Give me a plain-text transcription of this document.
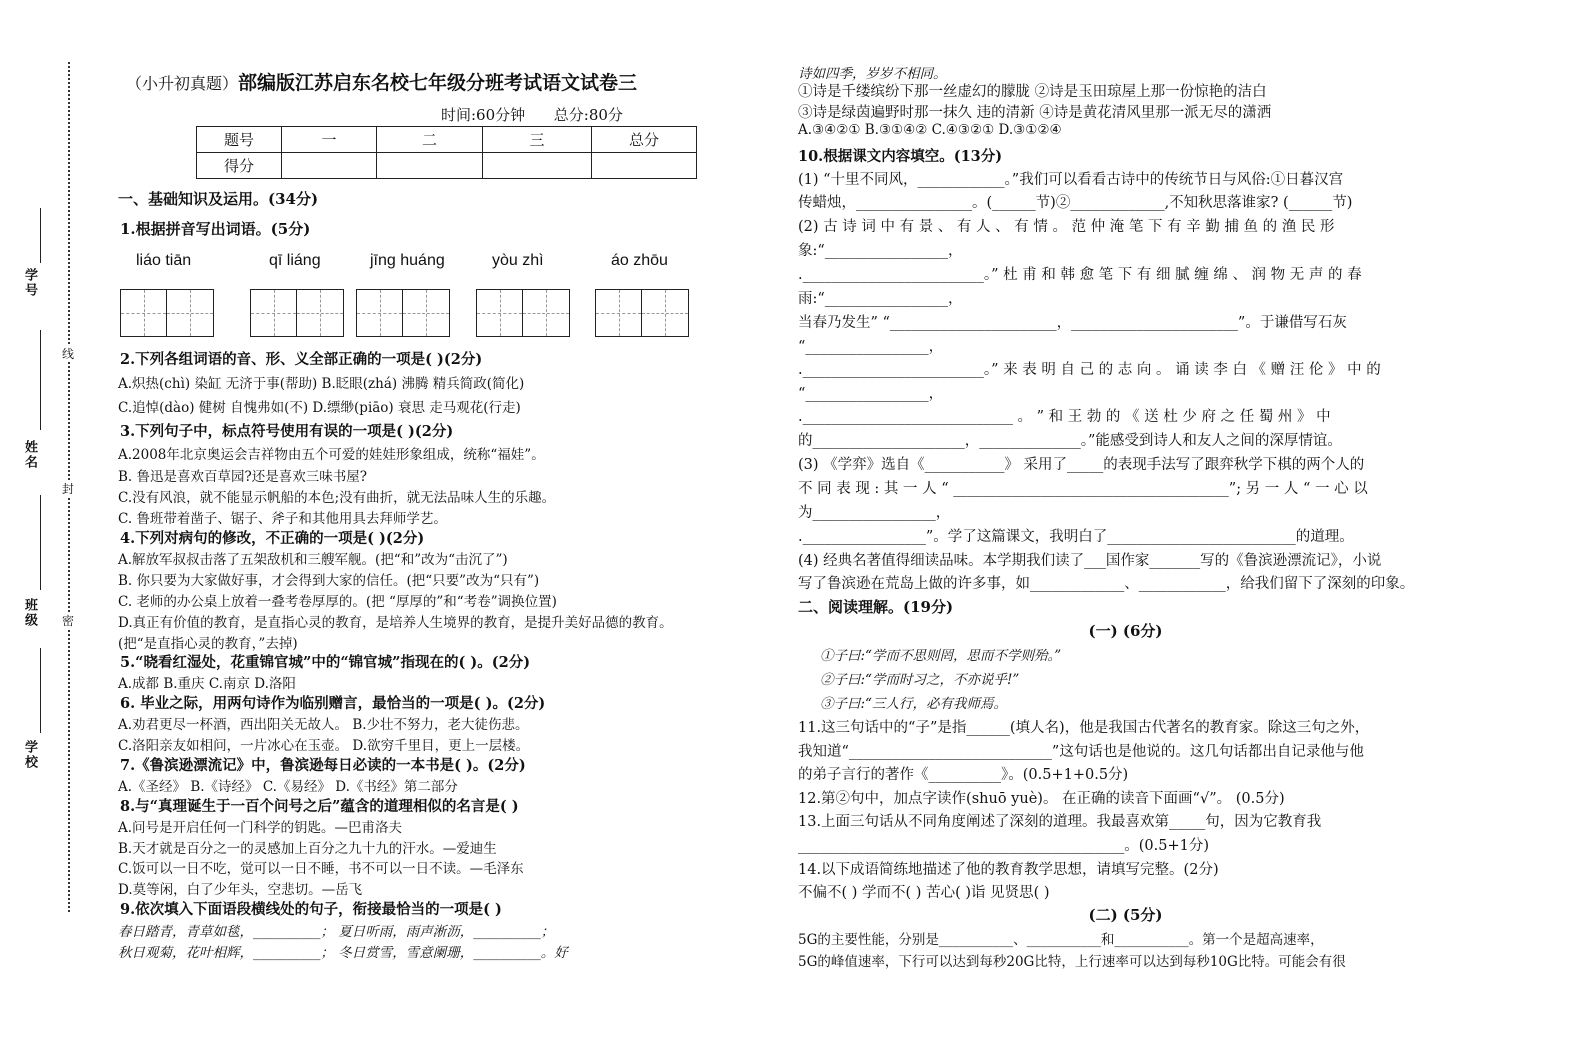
学号
姓名
班级
学校
线
封
密
（小升初真题）部编版江苏启东名校七年级分班考试语文试卷三
时间:60分钟 总分:80分
题号	一	二	三	总分
得分				
一、基础知识及运用。(34分)
1.根据拼音写出词语。(5分)
liáo tiān	qī liáng	jīng huáng	yòu zhì	áo zhōu
2.下列各组词语的音、形、义全部正确的一项是( )(2分)
A.炽热(chì) 染缸 无济于事(帮助) B.眨眼(zhá) 沸腾 精兵简政(简化)
C.追悼(dào) 健树 自愧弗如(不) D.缥缈(piāo) 衰思 走马观花(行走)
3.下列句子中，标点符号使用有误的一项是( )(2分)
A.2008年北京奥运会吉祥物由五个可爱的娃娃形象组成，统称“福娃”。
B. 鲁迅是喜欢百草园?还是喜欢三味书屋?
C.没有风浪，就不能显示帆船的本色;没有曲折，就无法品味人生的乐趣。
C. 鲁班带着凿子、锯子、斧子和其他用具去拜师学艺。
4.下列对病句的修改，不正确的一项是( )(2分)
A.解放军叔叔击落了五架敌机和三艘军舰。(把“和”改为“击沉了”)
B. 你只要为大家做好事，才会得到大家的信任。(把“只要”改为“只有”)
C. 老师的办公桌上放着一叠考卷厚厚的。(把 “厚厚的”和“考卷”调换位置)
D.真正有价值的教育，是直指心灵的教育，是培养人生境界的教育，是提升美好品德的教育。
(把“是直指心灵的教育，”去掉)
5.“晓看红湿处，花重锦官城”中的“锦官城”指现在的( )。(2分)
A.成都 B.重庆 C.南京 D.洛阳
6. 毕业之际，用两句诗作为临别赠言，最恰当的一项是( )。(2分)
A.劝君更尽一杯酒，西出阳关无故人。 B.少壮不努力，老大徒伤悲。
C.洛阳亲友如相问，一片冰心在玉壶。 D.欲穷千里目，更上一层楼。
7.《鲁滨逊漂流记》中，鲁滨逊每日必读的一本书是( )。(2分)
A.《圣经》 B.《诗经》 C.《易经》 D.《书经》第二部分
8.与“真理诞生于一百个问号之后”蕴含的道理相似的名言是( )
A.问号是开启任何一门科学的钥匙。—巴甫洛夫
B.天才就是百分之一的灵感加上百分之九十九的汗水。—爱迪生
C.饭可以一日不吃，觉可以一日不睡，书不可以一日不读。—毛泽东
D.莫等闲，白了少年头，空悲切。—岳飞
9.依次填入下面语段横线处的句子，衔接最恰当的一项是( )
春日踏青，青草如毯，__________； 夏日听雨，雨声淅沥，__________；
秋日观菊，花叶相辉，__________； 冬日赏雪，雪意阑珊，__________。好
诗如四季，岁岁不相同。
①诗是千缕缤纷下那一丝虚幻的朦胧 ②诗是玉田琼屋上那一份惊艳的洁白
③诗是绿茵遍野时那一抹久 违的清新 ④诗是黄花清风里那一派无尽的潇洒
A.③④②① B.③①④② C.④③②① D.③①②④
10.根据课文内容填空。(13分)
(1) “十里不同风，____________。”我们可以看看古诗中的传统节日与风俗:①日暮汉宫
传蜡烛，________________。(______节)②_____________,不知秋思落谁家? (______节)
(2) 古 诗 词 中 有 景 、 有 人 、 有 情 。 范 仲 淹 笔 下 有 辛 勤 捕 鱼 的 渔 民 形
象:“_________________，
._________________________。” 杜 甫 和 韩 愈 笔 下 有 细 腻 缠 绵 、 润 物 无 声 的 春
雨:“_________________，
当春乃发生” “_______________________，_______________________”。于谦借写石灰
“_________________，
._________________________。” 来 表 明 自 己 的 志 向 。 诵 读 李 白 《 赠 汪 伦 》 中 的
“_________________，
._____________________________ 。 ” 和 王 勃 的 《 送 杜 少 府 之 任 蜀 州 》 中
的_____________________，______________。”能感受到诗人和友人之间的深厚情谊。
(3) 《学弈》选自《___________》 采用了_____的表现手法写了跟弈秋学下棋的两个人的
不 同 表 现 : 其 一 人 “ ______________________________________”; 另 一 人 “ 一 心 以
为_________________，
._________________”。学了这篇课文，我明白了__________________________的道理。
(4) 经典名著值得细读品味。本学期我们读了___国作家_______写的《鲁滨逊漂流记》，小说
写了鲁滨逊在荒岛上做的许多事，如_____________、____________，给我们留下了深刻的印象。
二、阅读理解。(19分)
(一) (6分)
①子曰:“学而不思则罔，思而不学则殆。”
②子曰:“学而时习之，不亦说乎!”
③子曰:“三人行，必有我师焉。
11.这三句话中的“子”是指______(填人名)，他是我国古代著名的教育家。除这三句之外，
我知道“____________________________”这句话也是他说的。这几句话都出自记录他与他
的弟子言行的著作《__________》。(0.5+1+0.5分)
12.第②句中，加点字读作(shuō yuè)。 在正确的读音下面画“√”。 (0.5分)
13.上面三句话从不同角度阐述了深刻的道理。我最喜欢第_____句，因为它教育我
_____________________________________________。(0.5+1分)
14.以下成语简练地描述了他的教育教学思想，请填写完整。(2分)
不偏不( ) 学而不( ) 苦心( )诣 见贤思( )
(二) (5分)
5G的主要性能，分别是___________、___________和___________。第一个是超高速率，
5G的峰值速率，下行可以达到每秒20G比特，上行速率可以达到每秒10G比特。可能会有很
